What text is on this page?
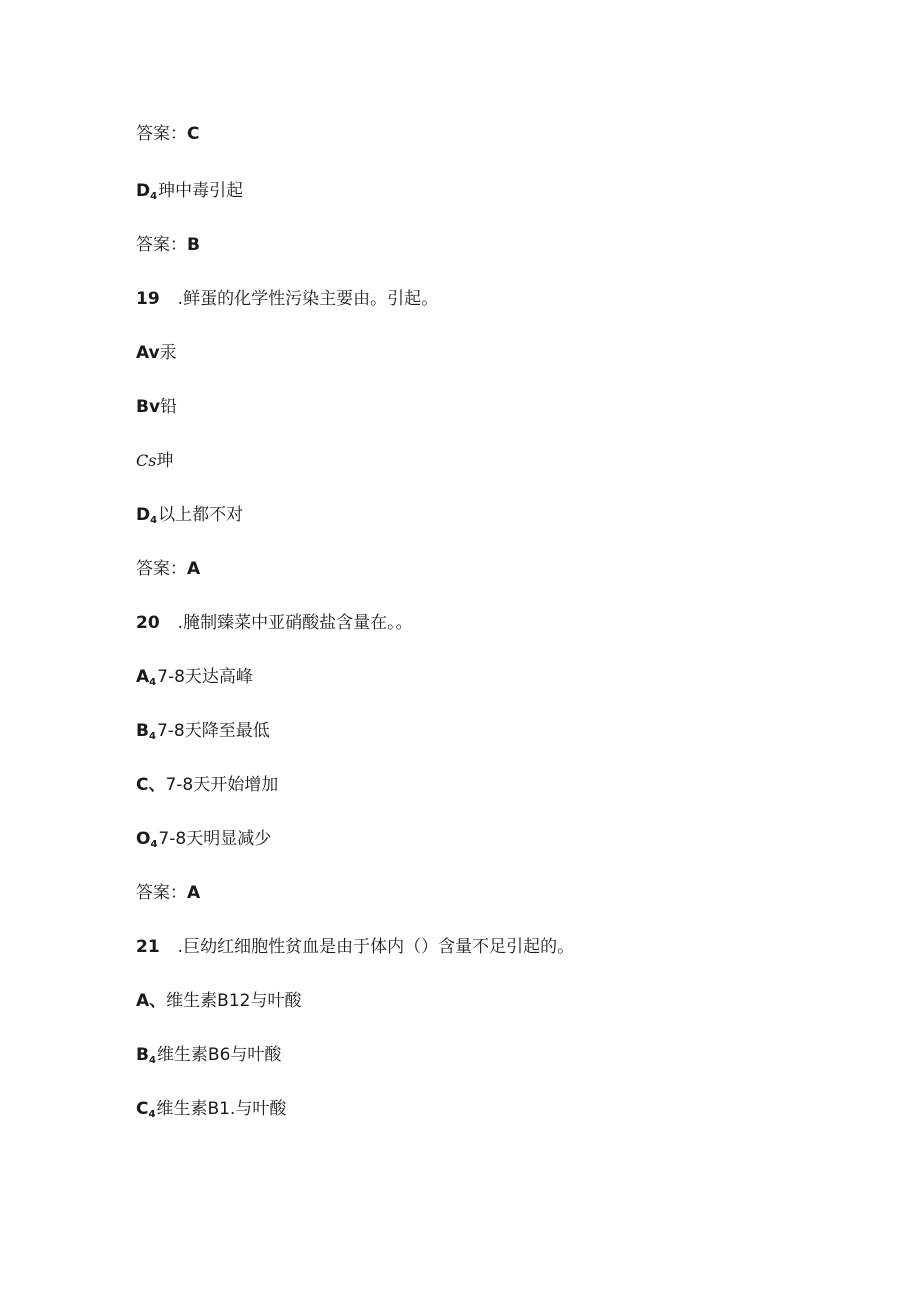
答案：C
$D_4$珅中毒引起
答案：B
19 .鲜蛋的化学性污染主要由。引起。
Av汞
Bv铅
Cs珅
$D_4$以上都不对
答案：A
20 .腌制臻菜中亚硝酸盐含量在。。
$A_47-8$天达高峰
$B_47-8$天降至最低
C、7-8天开始增加
$O_47-8$天明显减少
答案：A
21 .巨幼红细胞性贫血是由于体内（）含量不足引起的。
A、维生素B12与叶酸
$B_4$维生素B6与叶酸
$C_4$维生素B1.与叶酸
